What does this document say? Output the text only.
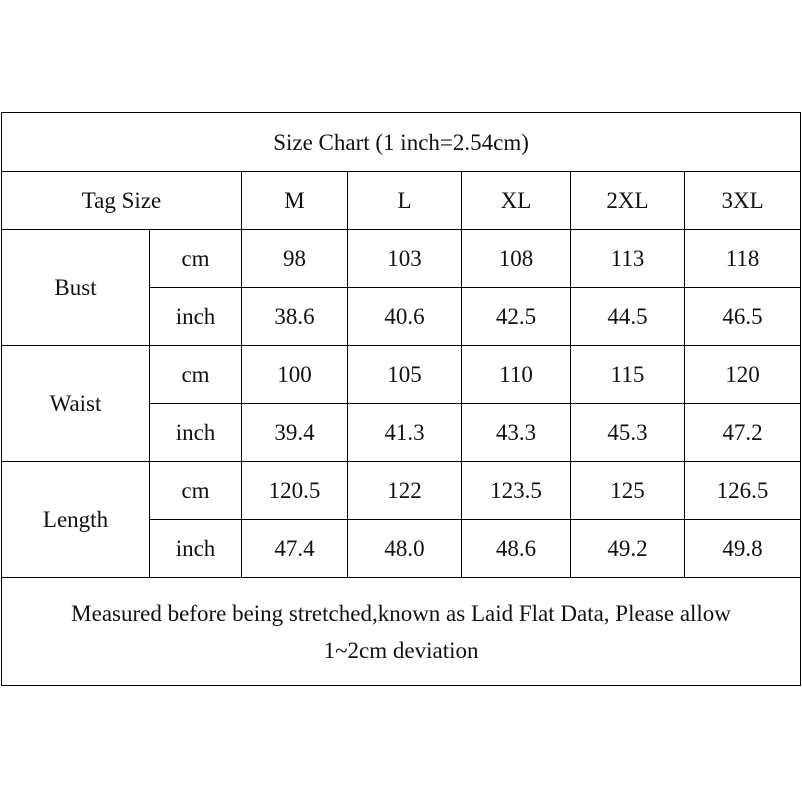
Size Chart (1 inch=2.54cm)						
Tag Size		M	L	XL	2XL	3XL
Bust	cm	98	103	108	113	118
	inch	38.6	40.6	42.5	44.5	46.5
Waist	cm	100	105	110	115	120
	inch	39.4	41.3	43.3	45.3	47.2
Length	cm	120.5	122	123.5	125	126.5
	inch	47.4	48.0	48.6	49.2	49.8
Measured before being stretched,known as Laid Flat Data, Please allow
1~2cm deviation						
